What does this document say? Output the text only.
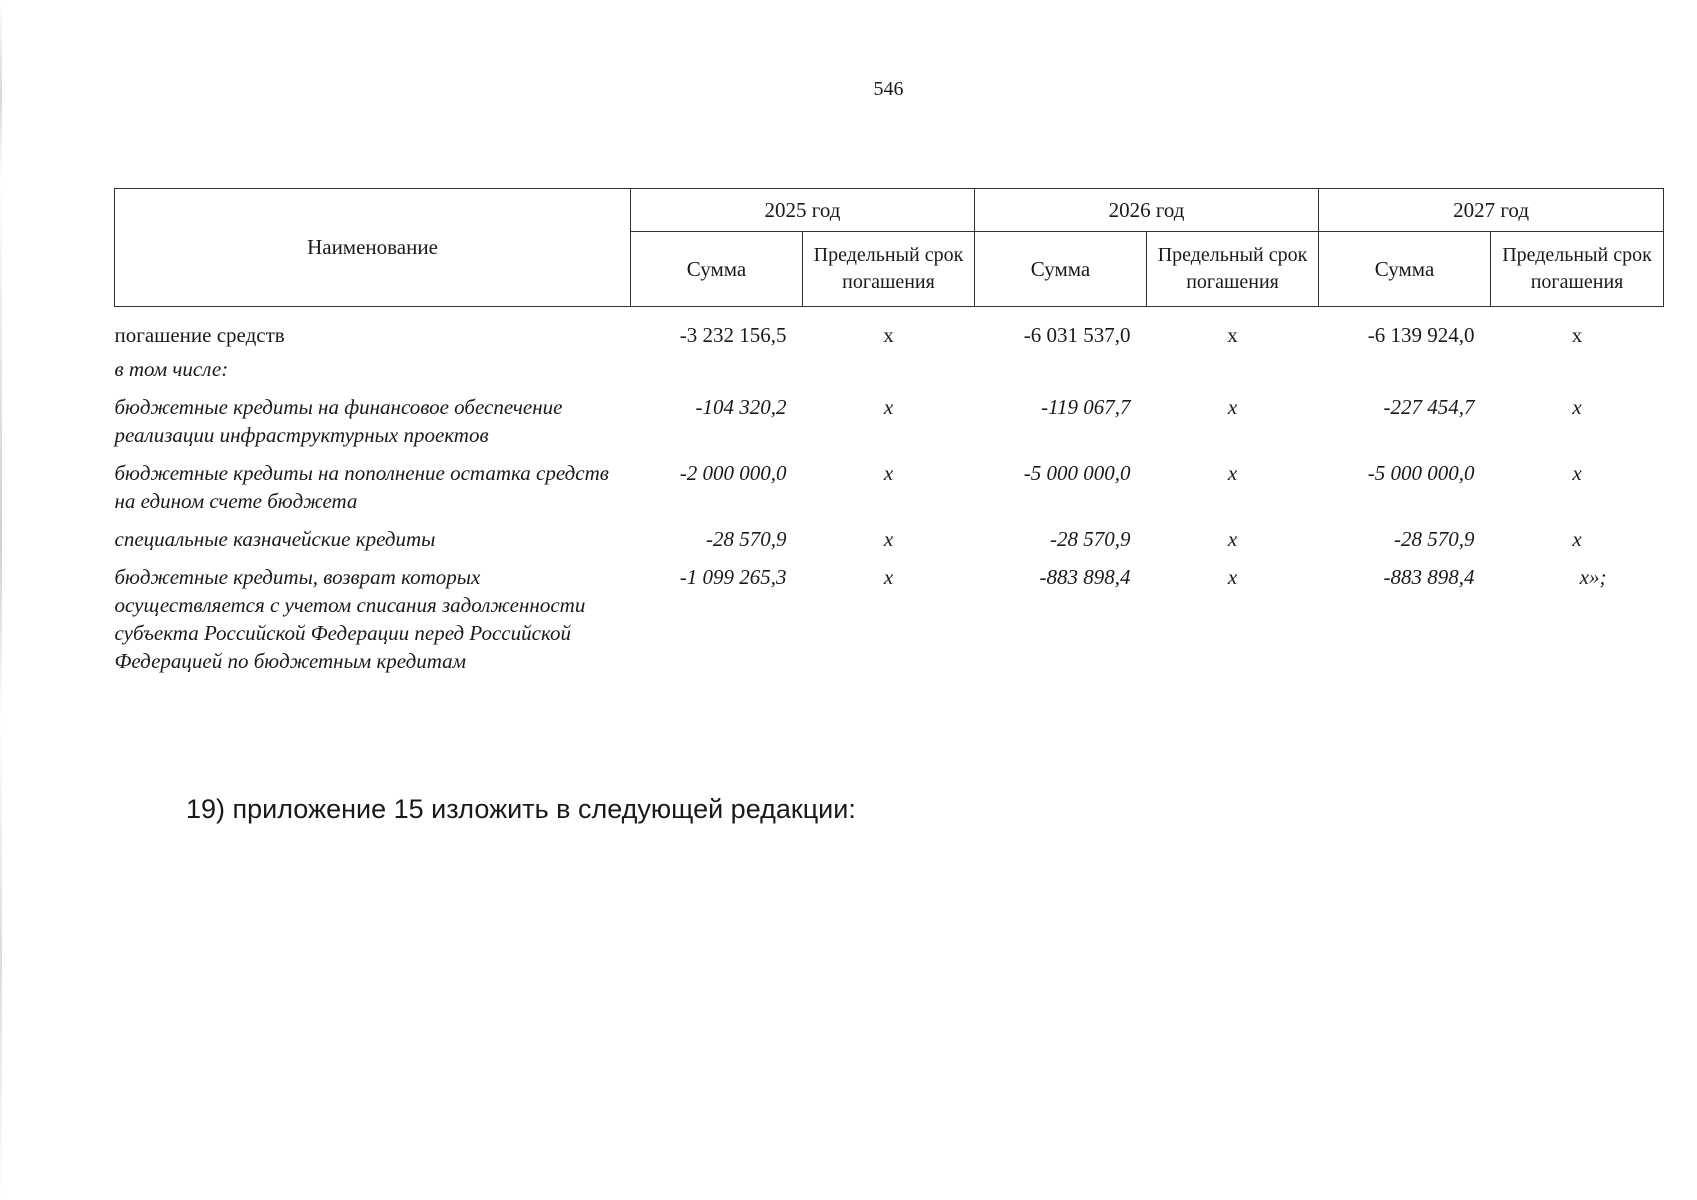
546
Наименование	2025 год		2026 год		2027 год	
	Сумма	Предельный срок погашения	Сумма	Предельный срок погашения	Сумма	Предельный срок погашения
погашение средств	-3 232 156,5	x	-6 031 537,0	x	-6 139 924,0	x
в том числе:						
бюджетные кредиты на финансовое обеспечение реализации инфраструктурных проектов	-104 320,2	x	-119 067,7	x	-227 454,7	x
бюджетные кредиты на пополнение остатка средств на едином счете бюджета	-2 000 000,0	x	-5 000 000,0	x	-5 000 000,0	x
специальные казначейские кредиты	-28 570,9	x	-28 570,9	x	-28 570,9	x
бюджетные кредиты, возврат которых осуществляется с учетом списания задолженности субъекта Российской Федерации перед Российской Федерацией по бюджетным кредитам	-1 099 265,3	x	-883 898,4	x	-883 898,4	x»;
19) приложение 15 изложить в следующей редакции:
